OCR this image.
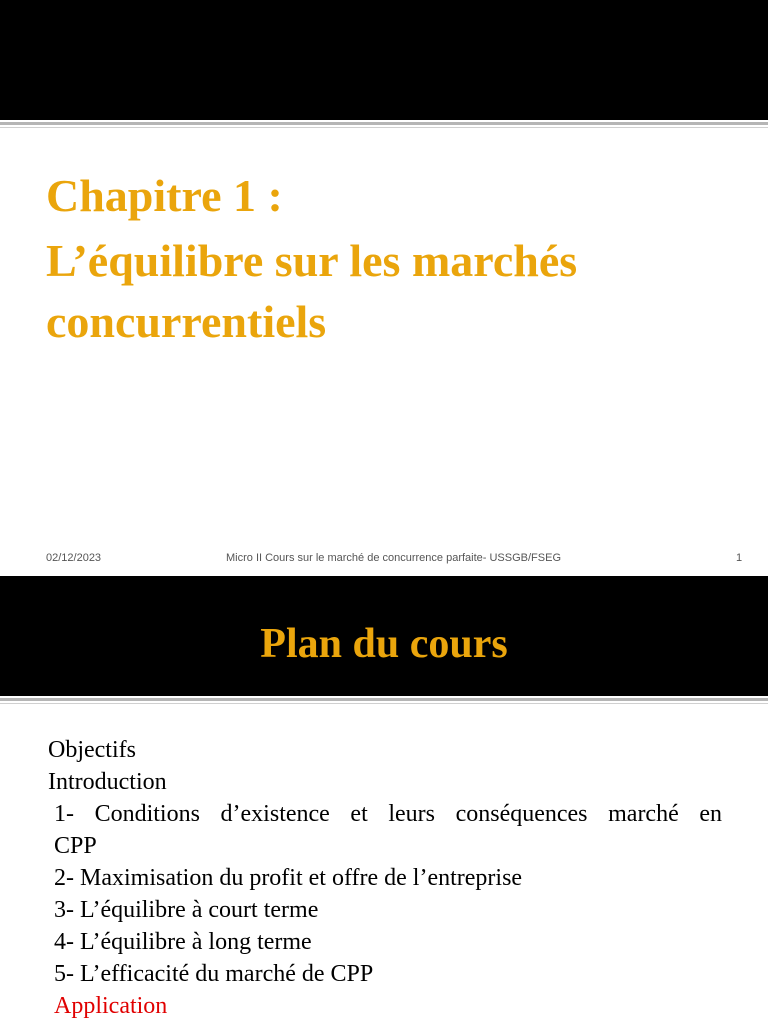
Chapitre 1 :
L’équilibre sur les marchés
concurrentiels
02/12/2023	Micro II Cours sur le marché de concurrence parfaite- USSGB/FSEG	1
Plan du cours
Objectifs
Introduction
1- Conditions d’existence et leurs conséquences marché en
CPP
2- Maximisation du profit et offre de l’entreprise
3- L’équilibre à court terme
4- L’équilibre à long terme
5- L’efficacité du marché de CPP
Application
